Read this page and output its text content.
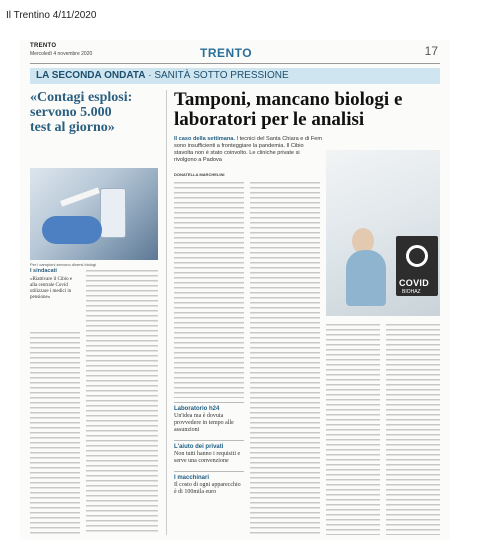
Il Trentino 4/11/2020
TRENTO
Mercoledì 4 novembre 2020	TRENTO	17
LA SECONDA ONDATA · SANITÀ SOTTO PRESSIONE
«Contagi esplosi: servono 5.000 test al giorno»
Tamponi, mancano biologi e laboratori per le analisi
Il caso della settimana. I tecnici del Santa Chiara e di Fem sono insufficienti a fronteggiare la pandemia. Il Cibio stavolta non è stato coinvolto. Le cliniche private si rivolgono a Padova
DONATELLA MARCHELINI
Per i campioni servono diversi biologi
COVID
BIOHAZ
I sindacati
«Riattivare il Cibio e alla centrale Covid utilizzare i medici in pensione»
Laboratorio h24
Un'idea ma è dovuta provvedere in tempo alle assunzioni
L'aiuto dei privati
Non tutti hanno i requisiti e serve una convenzione
I macchinari
Il costo di ogni apparecchio è di 100mila euro
